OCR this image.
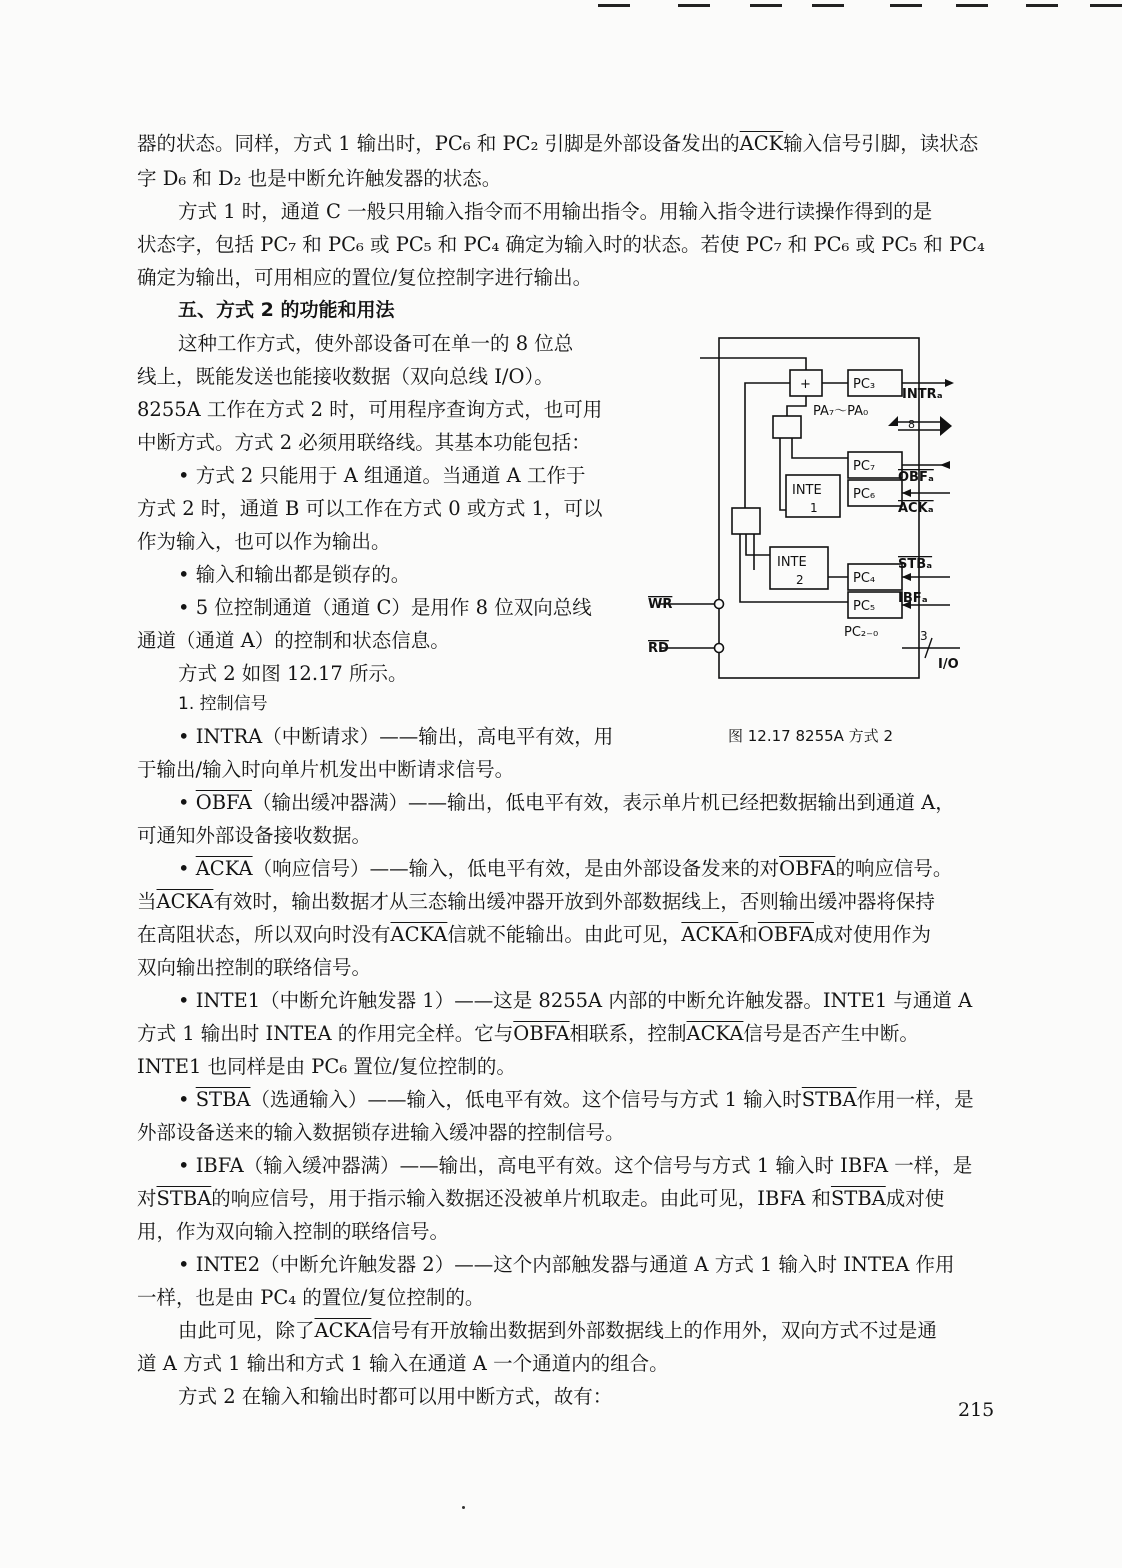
器的状态。同样，方式 1 输出时，PC₆ 和 PC₂ 引脚是外部设备发出的$\overline{ACK}$输入信号引脚，读状态
字 D₆ 和 D₂ 也是中断允许触发器的状态。
方式 1 时，通道 C 一般只用输入指令而不用输出指令。用输入指令进行读操作得到的是
状态字，包括 PC₇ 和 PC₆ 或 PC₅ 和 PC₄ 确定为输入时的状态。若使 PC₇ 和 PC₆ 或 PC₅ 和 PC₄
确定为输出，可用相应的置位/复位控制字进行输出。
五、方式 2 的功能和用法
这种工作方式，使外部设备可在单一的 8 位总
线上，既能发送也能接收数据（双向总线 I/O）。
8255A 工作在方式 2 时，可用程序查询方式，也可用
中断方式。方式 2 必须用联络线。其基本功能包括：
• 方式 2 只能用于 A 组通道。当通道 A 工作于
方式 2 时，通道 B 可以工作在方式 0 或方式 1，可以
作为输入，也可以作为输出。
• 输入和输出都是锁存的。
• 5 位控制通道（通道 C）是用作 8 位双向总线
通道（通道 A）的控制和状态信息。
方式 2 如图 12.17 所示。
1. 控制信号
• INTRA（中断请求）——输出，高电平有效，用
于输出/输入时向单片机发出中断请求信号。
• OBFA（输出缓冲器满）——输出，低电平有效，表示单片机已经把数据输出到通道 A，
可通知外部设备接收数据。
• ACKA（响应信号）——输入，低电平有效，是由外部设备发来的对OBFA的响应信号。
当ACKA有效时，输出数据才从三态输出缓冲器开放到外部数据线上，否则输出缓冲器将保持
在高阻状态，所以双向时没有ACKA信就不能输出。由此可见，ACKA和OBFA成对使用作为
双向输出控制的联络信号。
• INTE1（中断允许触发器 1）——这是 8255A 内部的中断允许触发器。INTE1 与通道 A
方式 1 输出时 INTEA 的作用完全样。它与OBFA相联系，控制ACKA信号是否产生中断。
INTE1 也同样是由 PC₆ 置位/复位控制的。
• STBA（选通输入）——输入，低电平有效。这个信号与方式 1 输入时STBA作用一样，是
外部设备送来的输入数据锁存进输入缓冲器的控制信号。
• IBFA（输入缓冲器满）——输出，高电平有效。这个信号与方式 1 输入时 IBFA 一样，是
对STBA的响应信号，用于指示输入数据还没被单片机取走。由此可见，IBFA 和STBA成对使
用，作为双向输入控制的联络信号。
• INTE2（中断允许触发器 2）——这个内部触发器与通道 A 方式 1 输入时 INTEA 作用
一样，也是由 PC₄ 的置位/复位控制的。
由此可见，除了ACKA信号有开放输出数据到外部数据线上的作用外，双向方式不过是通
道 A 方式 1 输出和方式 1 输入在通道 A 一个通道内的组合。
方式 2 在输入和输出时都可以用中断方式，故有：
+	PC₃
INTRₐ
PA₇～PA₀
8
PC₇
OBFₐ
PC₆
ACKₐ
INTE
1
INTE
2	PC₄
STBₐ
PC₅
IBFₐ
WR
RD
PC₂₋₀	3
I/O
图 12.17 8255A 方式 2
215
